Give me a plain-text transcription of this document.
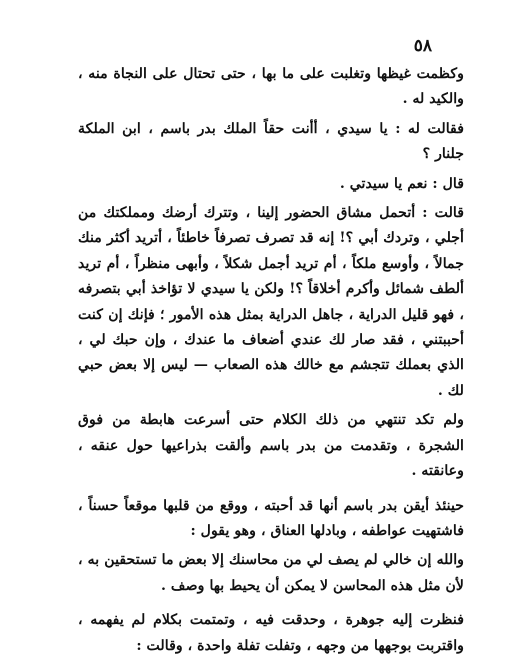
٥٨

وكظمت غيظها وتغلبت على ما بها ، حتى تحتال على النجاة منه ، والكيد له .

فقالت له : يا سيدي ، أأنت حقاً الملك بدر باسم ، ابن الملكة جلنار ؟

قال : نعم يا سيدتي .

قالت : أتحمل مشاق الحضور إلينا ، وتترك أرضك ومملكتك من أجلي ، وتردك أبي ؟! إنه قد تصرف تصرفاً خاطئاً ، أتريد أكثر منك جمالاً ، وأوسع ملكاً ، أم تريد أجمل شكلاً ، وأبهى منظراً ، أم تريد ألطف شمائل وأكرم أخلاقاً ؟! ولكن يا سيدي لا تؤاخذ أبي بتصرفه ، فهو قليل الدراية ، جاهل الدراية بمثل هذه الأمور ؛ فإنك إن كنت أحببتني ، فقد صار لك عندي أضعاف ما عندك ، وإن حبك لي ، الذي بعملك تتجشم مع خالك هذه الصعاب — ليس إلا بعض حبي لك .

ولم تكد تنتهي من ذلك الكلام حتى أسرعت هابطة من فوق الشجرة ، وتقدمت من بدر باسم وألقت بذراعيها حول عنقه ، وعانقته .

حينئذ أيقن بدر باسم أنها قد أحبته ، ووقع من قلبها موقعاً حسناً ، فاشتهيت عواطفه ، وبادلها العناق ، وهو يقول :

والله إن خالي لم يصف لي من محاسنك إلا بعض ما تستحقين به ، لأن مثل هذه المحاسن لا يمكن أن يحيط بها وصف .

فنظرت إليه جوهرة ، وحدقت فيه ، وتمتمت بكلام لم يفهمه ، واقتربت بوجهها من وجهه ، وتفلت تفلة واحدة ، وقالت :
